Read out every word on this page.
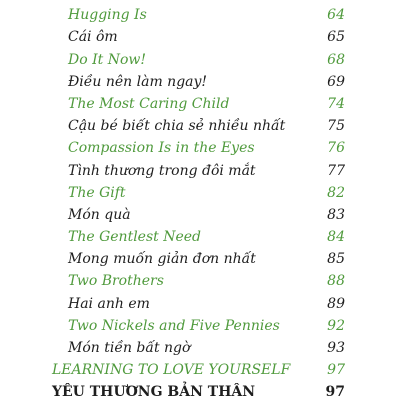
Hugging Is	64
Cái ôm	65
Do It Now!	68
Điều nên làm ngay!	69
The Most Caring Child	74
Cậu bé biết chia sẻ nhiều nhất	75
Compassion Is in the Eyes	76
Tình thương trong đôi mắt	77
The Gift	82
Món quà	83
The Gentlest Need	84
Mong muốn giản đơn nhất	85
Two Brothers	88
Hai anh em	89
Two Nickels and Five Pennies	92
Món tiền bất ngờ	93
LEARNING TO LOVE YOURSELF	97
YÊU THƯƠNG BẢN THÂN	97
